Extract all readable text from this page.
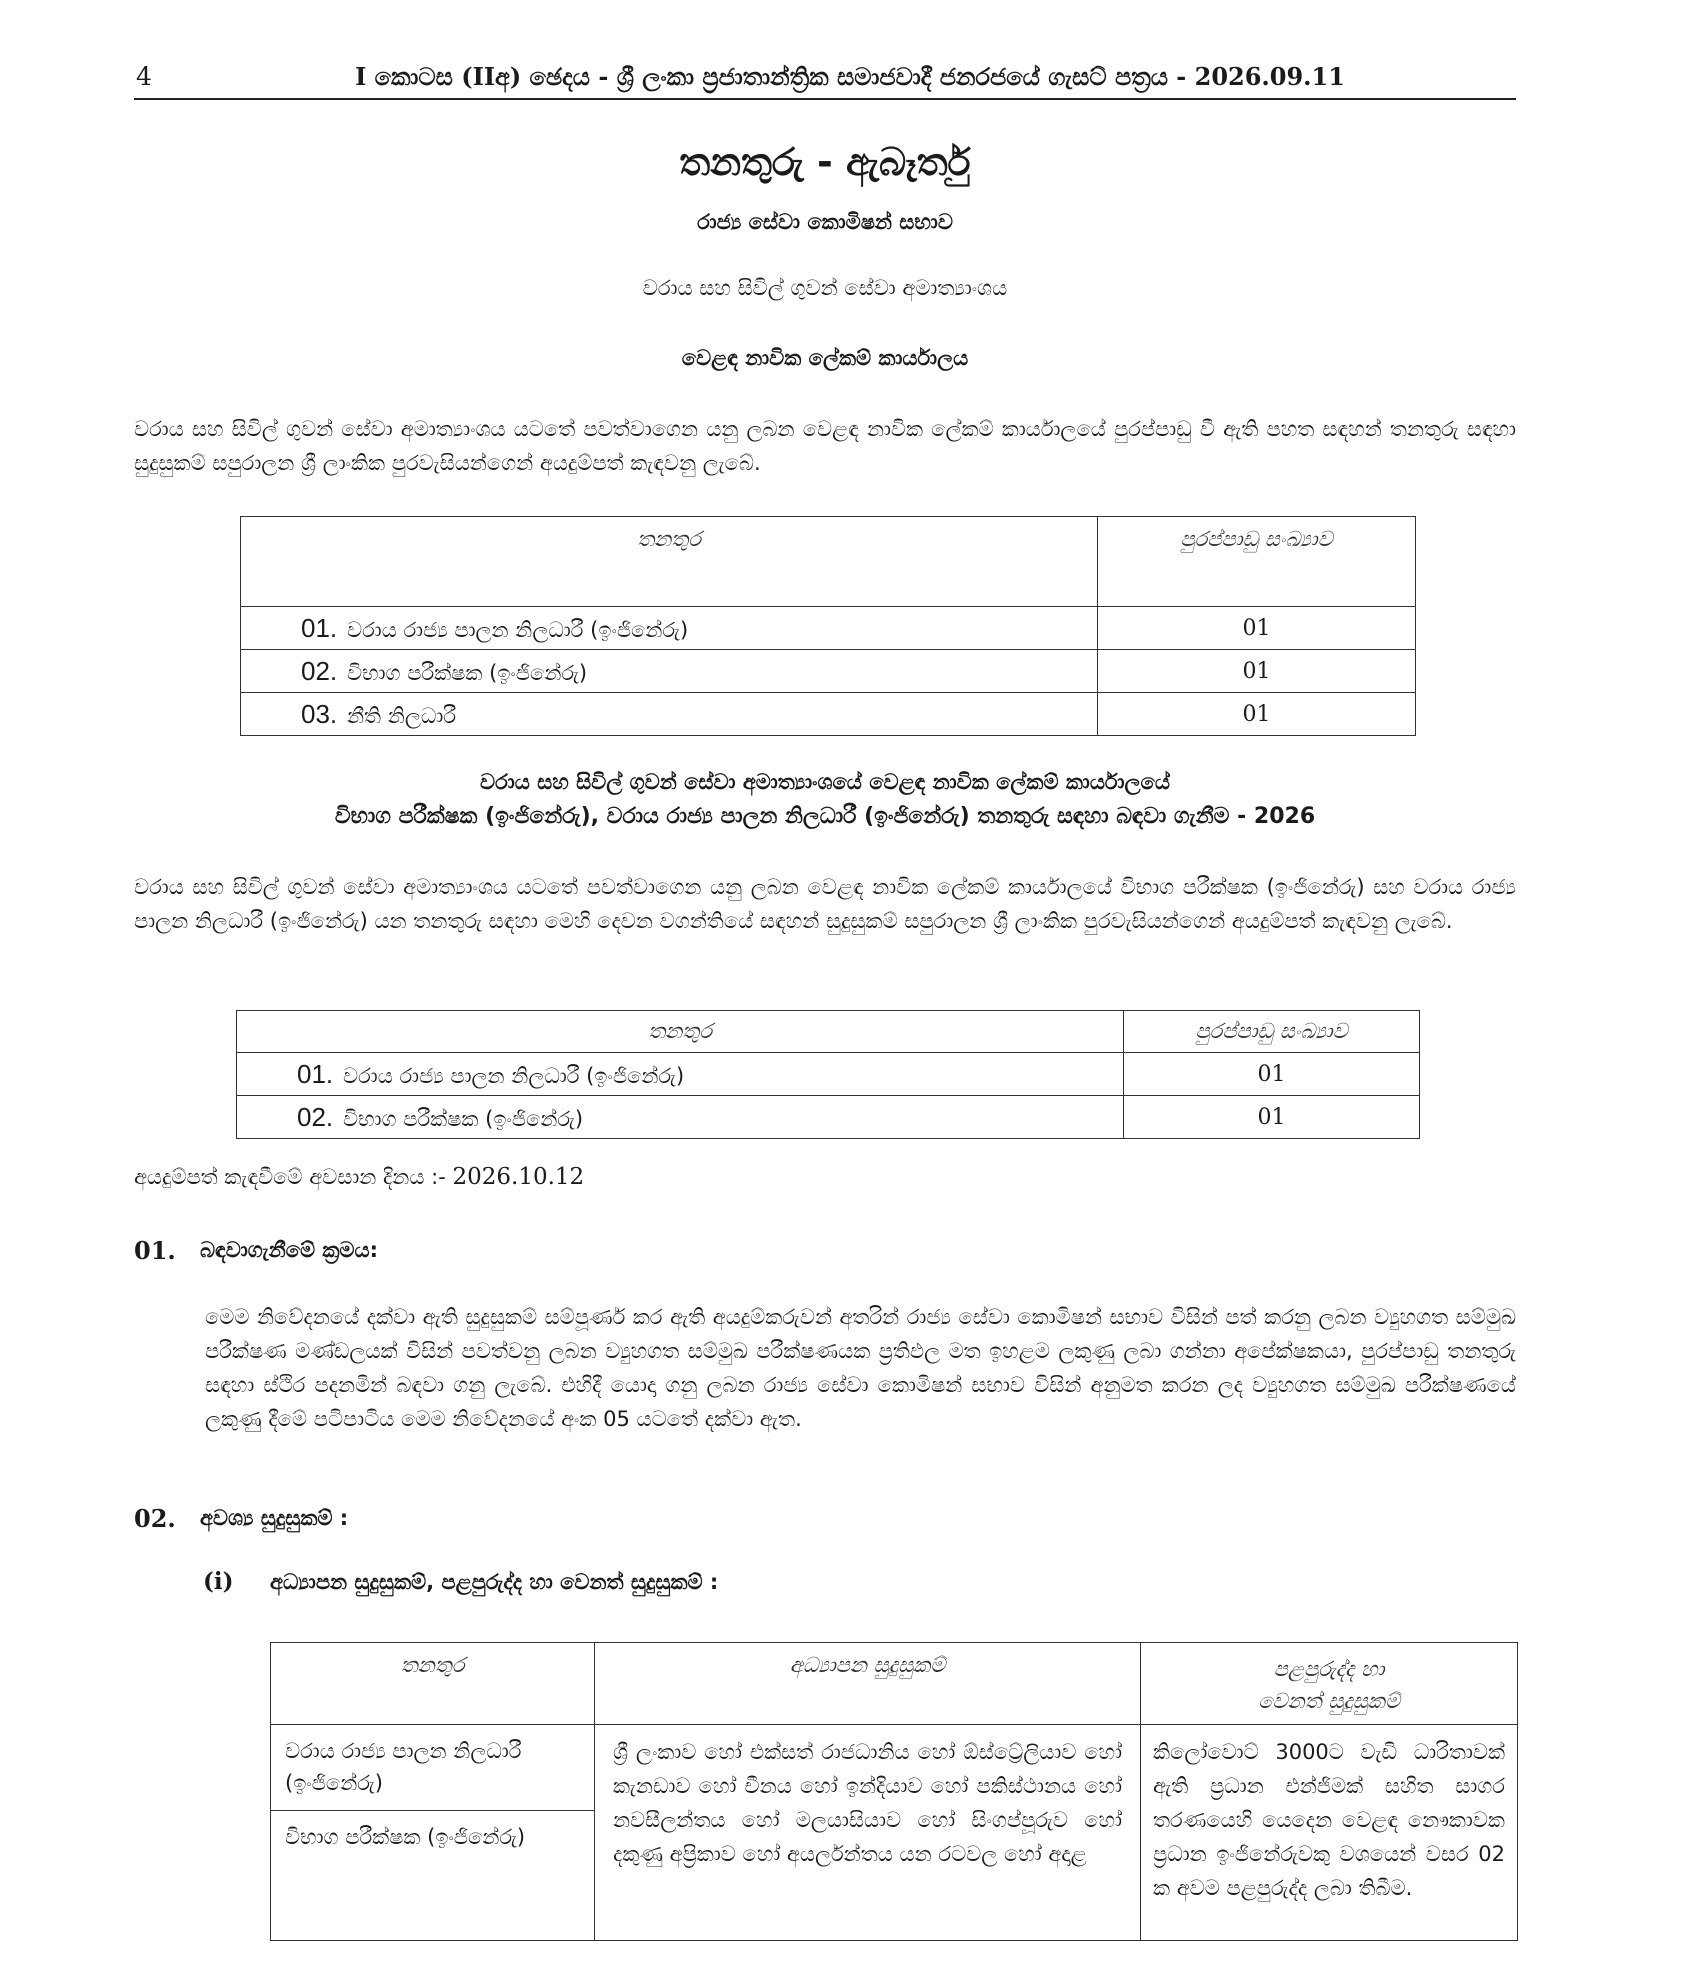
4	I කොටස (IIඅ) ඡෙදය - ශ්‍රී ලංකා ප්‍රජාතාන්ත්‍රික සමාජවාදී ජනරජයේ ගැසට් පත්‍රය - 2026.09.11
තනතුරු - ඇබෑර්තු
රාජ්‍ය සේවා කොමිෂන් සභාව
වරාය සහ සිවිල් ගුවන් සේවා අමාත්‍යාංශය
වෙළඳ නාවික ලේකම් කාර්යාලය
වරාය සහ සිවිල් ගුවන් සේවා අමාත්‍යාංශය යටතේ පවත්වාගෙන යනු ලබන වෙළඳ නාවික ලේකම් කාර්යාලයේ පුරප්පාඩු වී ඇති පහත සඳහන් තනතුරු සඳහා සුදුසුකම් සපුරාලන ශ්‍රී ලාංකික පුරවැසියන්ගෙන් අයදුම්පත් කැඳවනු ලැබේ.
තනතුර	පුරප්පාඩු සංඛ්‍යාව
01. වරාය රාජ්‍ය පාලන නිලධාරී (ඉංජිනේරු)	01
02. විභාග පරීක්ෂක (ඉංජිනේරු)	01
03. නීති නිලධාරී	01
වරාය සහ සිවිල් ගුවන් සේවා අමාත්‍යාංශයේ වෙළඳ නාවික ලේකම් කාර්යාලයේ
විභාග පරීක්ෂක (ඉංජිනේරු), වරාය රාජ්‍ය පාලන නිලධාරී (ඉංජිනේරු) තනතුරු සඳහා බඳවා ගැනීම - 2026
වරාය සහ සිවිල් ගුවන් සේවා අමාත්‍යාංශය යටතේ පවත්වාගෙන යනු ලබන වෙළඳ නාවික ලේකම් කාර්යාලයේ විභාග පරීක්ෂක (ඉංජිනේරු) සහ වරාය රාජ්‍ය පාලන නිලධාරී (ඉංජිනේරු) යන තනතුරු සඳහා මෙහි දෙවන වගන්තියේ සඳහන් සුදුසුකම් සපුරාලන ශ්‍රී ලාංකික පුරවැසියන්ගෙන් අයදුම්පත් කැඳවනු ලැබේ.
තනතුර	පුරප්පාඩු සංඛ්‍යාව
01. වරාය රාජ්‍ය පාලන නිලධාරී (ඉංජිනේරු)	01
02. විභාග පරීක්ෂක (ඉංජිනේරු)	01
අයදුම්පත් කැඳවීමේ අවසාන දිනය :- 2026.10.12
01. බඳවාගැනීමේ ක්‍රමය:
මෙම නිවේදනයේ දක්වා ඇති සුදුසුකම් සම්පූර්ණ කර ඇති අයදුම්කරුවන් අතරින් රාජ්‍ය සේවා කොමිෂන් සභාව විසින් පත් කරනු ලබන ව්‍යුහගත සම්මුඛ පරීක්ෂණ මණ්ඩලයක් විසින් පවත්වනු ලබන ව්‍යුහගත සම්මුඛ පරීක්ෂණයක ප්‍රතිඵල මත ඉහළම ලකුණු ලබා ගන්නා අපේක්ෂකයා, පුරප්පාඩු තනතුරු සඳහා ස්ථිර පදනමින් බඳවා ගනු ලැබේ. එහිදී යොදා ගනු ලබන රාජ්‍ය සේවා කොමිෂන් සභාව විසින් අනුමත කරන ලද ව්‍යුහගත සම්මුඛ පරීක්ෂණයේ ලකුණු දීමේ පටිපාටිය මෙම නිවේදනයේ අංක 05 යටතේ දක්වා ඇත.
02. අවශ්‍ය සුදුසුකම් :
(i) අධ්‍යාපන සුදුසුකම්, පළපුරුද්ද හා වෙනත් සුදුසුකම් :
තනතුර	අධ්‍යාපන සුදුසුකම්	පළපුරුද්ද හා
වෙනත් සුදුසුකම්

වරාය රාජ්‍ය පාලන නිලධාරී (ඉංජිනේරු)	ශ්‍රී ලංකාව හෝ එක්සත් රාජධානිය හෝ ඕස්ට්‍රේලියාව හෝ කැනඩාව හෝ චීනය හෝ ඉන්දියාව හෝ පකිස්ථානය හෝ නවසීලන්තය හෝ මලයාසියාව හෝ සිංගප්පූරුව හෝ දකුණු අප්‍රිකාව හෝ අයර්ලන්තය යන රටවල හෝ අදාළ	කිලෝවොට් 3000ට වැඩි ධාරිතාවක් ඇති ප්‍රධාන එන්ජිමක් සහිත සාගර තරණයෙහි යෙදෙන වෙළඳ නෞකාවක ප්‍රධාන ඉංජිනේරුවකු වශයෙන් වසර 02 ක අවම පළපුරුද්ද ලබා තිබීම.
විභාග පරීක්ෂක (ඉංජිනේරු)		
